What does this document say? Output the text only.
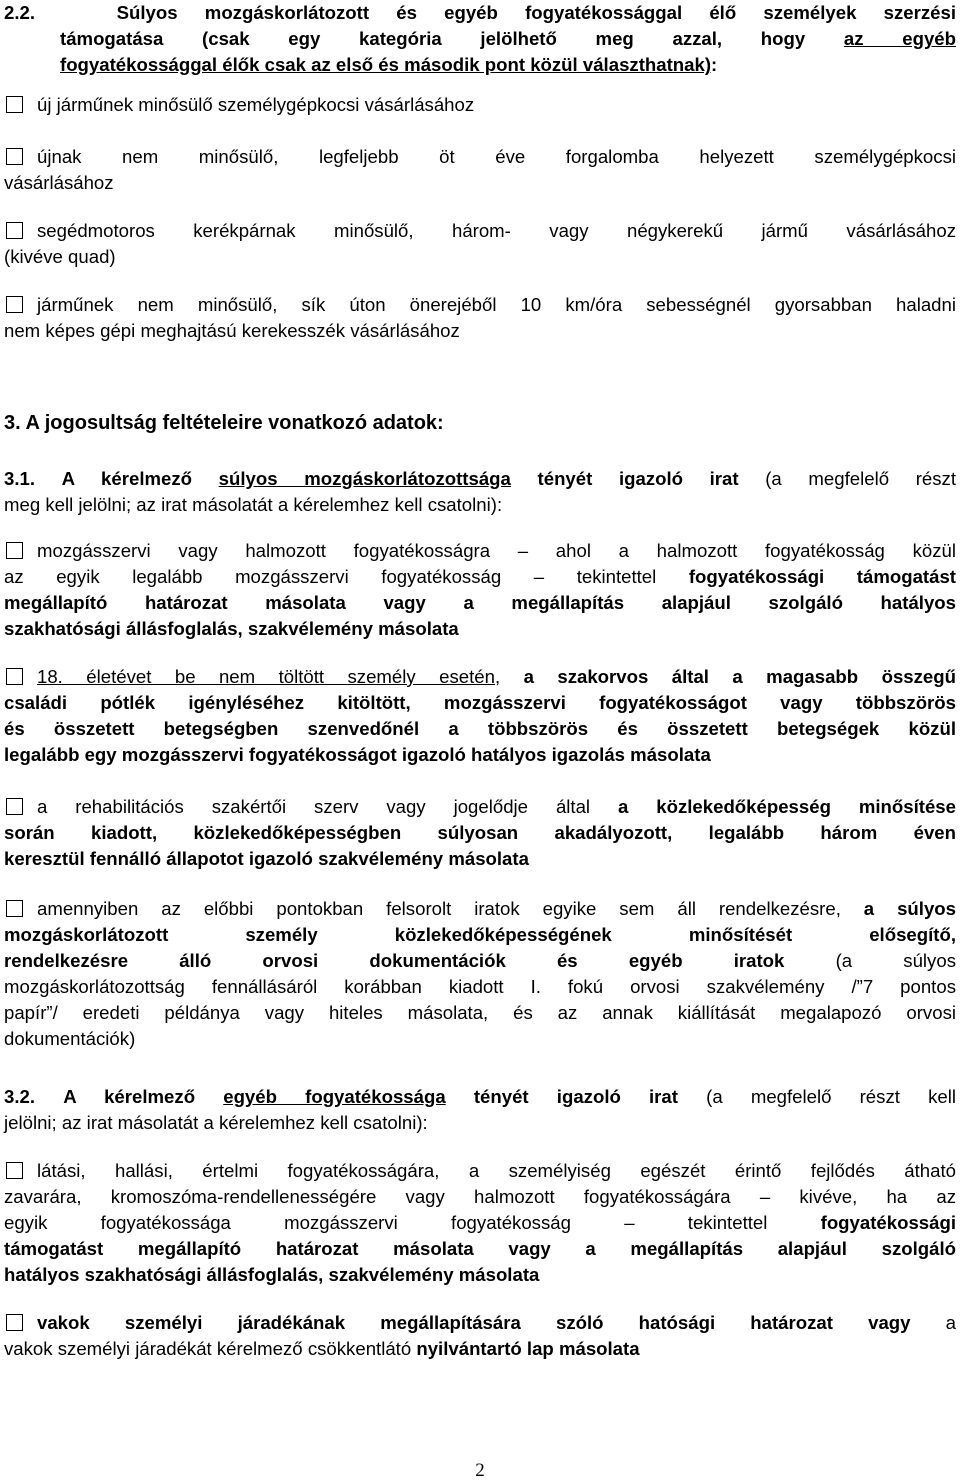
2.2.	Súlyos mozgáskorlátozott és egyéb fogyatékossággal élő személyek szerzési
támogatása (csak egy kategória jelölhető meg azzal, hogy az egyéb
fogyatékossággal élők csak az első és második pont közül választhatnak):
új járműnek minősülő személygépkocsi vásárlásához
újnak nem minősülő, legfeljebb öt éve forgalomba helyezett személygépkocsi
vásárlásához
segédmotoros kerékpárnak minősülő, három- vagy négykerekű jármű vásárlásához
(kivéve quad)
járműnek nem minősülő, sík úton önerejéből 10 km/óra sebességnél gyorsabban haladni
nem képes gépi meghajtású kerekesszék vásárlásához
3. A jogosultság feltételeire vonatkozó adatok:
3.1. A kérelmező súlyos mozgáskorlátozottsága tényét igazoló irat (a megfelelő részt
meg kell jelölni; az irat másolatát a kérelemhez kell csatolni):
mozgásszervi vagy halmozott fogyatékosságra – ahol a halmozott fogyatékosság közül
az egyik legalább mozgásszervi fogyatékosság – tekintettel fogyatékossági támogatást
megállapító határozat másolata vagy a megállapítás alapjául szolgáló hatályos
szakhatósági állásfoglalás, szakvélemény másolata
18. életévet be nem töltött személy esetén, a szakorvos által a magasabb összegű
családi pótlék igényléséhez kitöltött, mozgásszervi fogyatékosságot vagy többszörös
és összetett betegségben szenvedőnél a többszörös és összetett betegségek közül
legalább egy mozgásszervi fogyatékosságot igazoló hatályos igazolás másolata
a rehabilitációs szakértői szerv vagy jogelődje által a közlekedőképesség minősítése
során kiadott, közlekedőképességben súlyosan akadályozott, legalább három éven
keresztül fennálló állapotot igazoló szakvélemény másolata
amennyiben az előbbi pontokban felsorolt iratok egyike sem áll rendelkezésre, a súlyos
mozgáskorlátozott személy közlekedőképességének minősítését elősegítő,
rendelkezésre álló orvosi dokumentációk és egyéb iratok	(a súlyos
mozgáskorlátozottság fennállásáról korábban kiadott I. fokú orvosi szakvélemény /”7 pontos
papír”/ eredeti példánya vagy hiteles másolata, és az annak kiállítását megalapozó orvosi
dokumentációk)
3.2. A kérelmező egyéb fogyatékossága tényét igazoló irat (a megfelelő részt kell
jelölni; az irat másolatát a kérelemhez kell csatolni):
látási, hallási, értelmi fogyatékosságára, a személyiség egészét érintő fejlődés átható
zavarára, kromoszóma-rendellenességére vagy halmozott fogyatékosságára – kivéve, ha az
egyik fogyatékossága mozgásszervi fogyatékosság – tekintettel	fogyatékossági
támogatást megállapító határozat másolata vagy a megállapítás alapjául szolgáló
hatályos szakhatósági állásfoglalás, szakvélemény másolata
vakok személyi járadékának megállapítására szóló hatósági határozat vagy a
vakok személyi járadékát kérelmező csökkentlátó nyilvántartó lap másolata
2
